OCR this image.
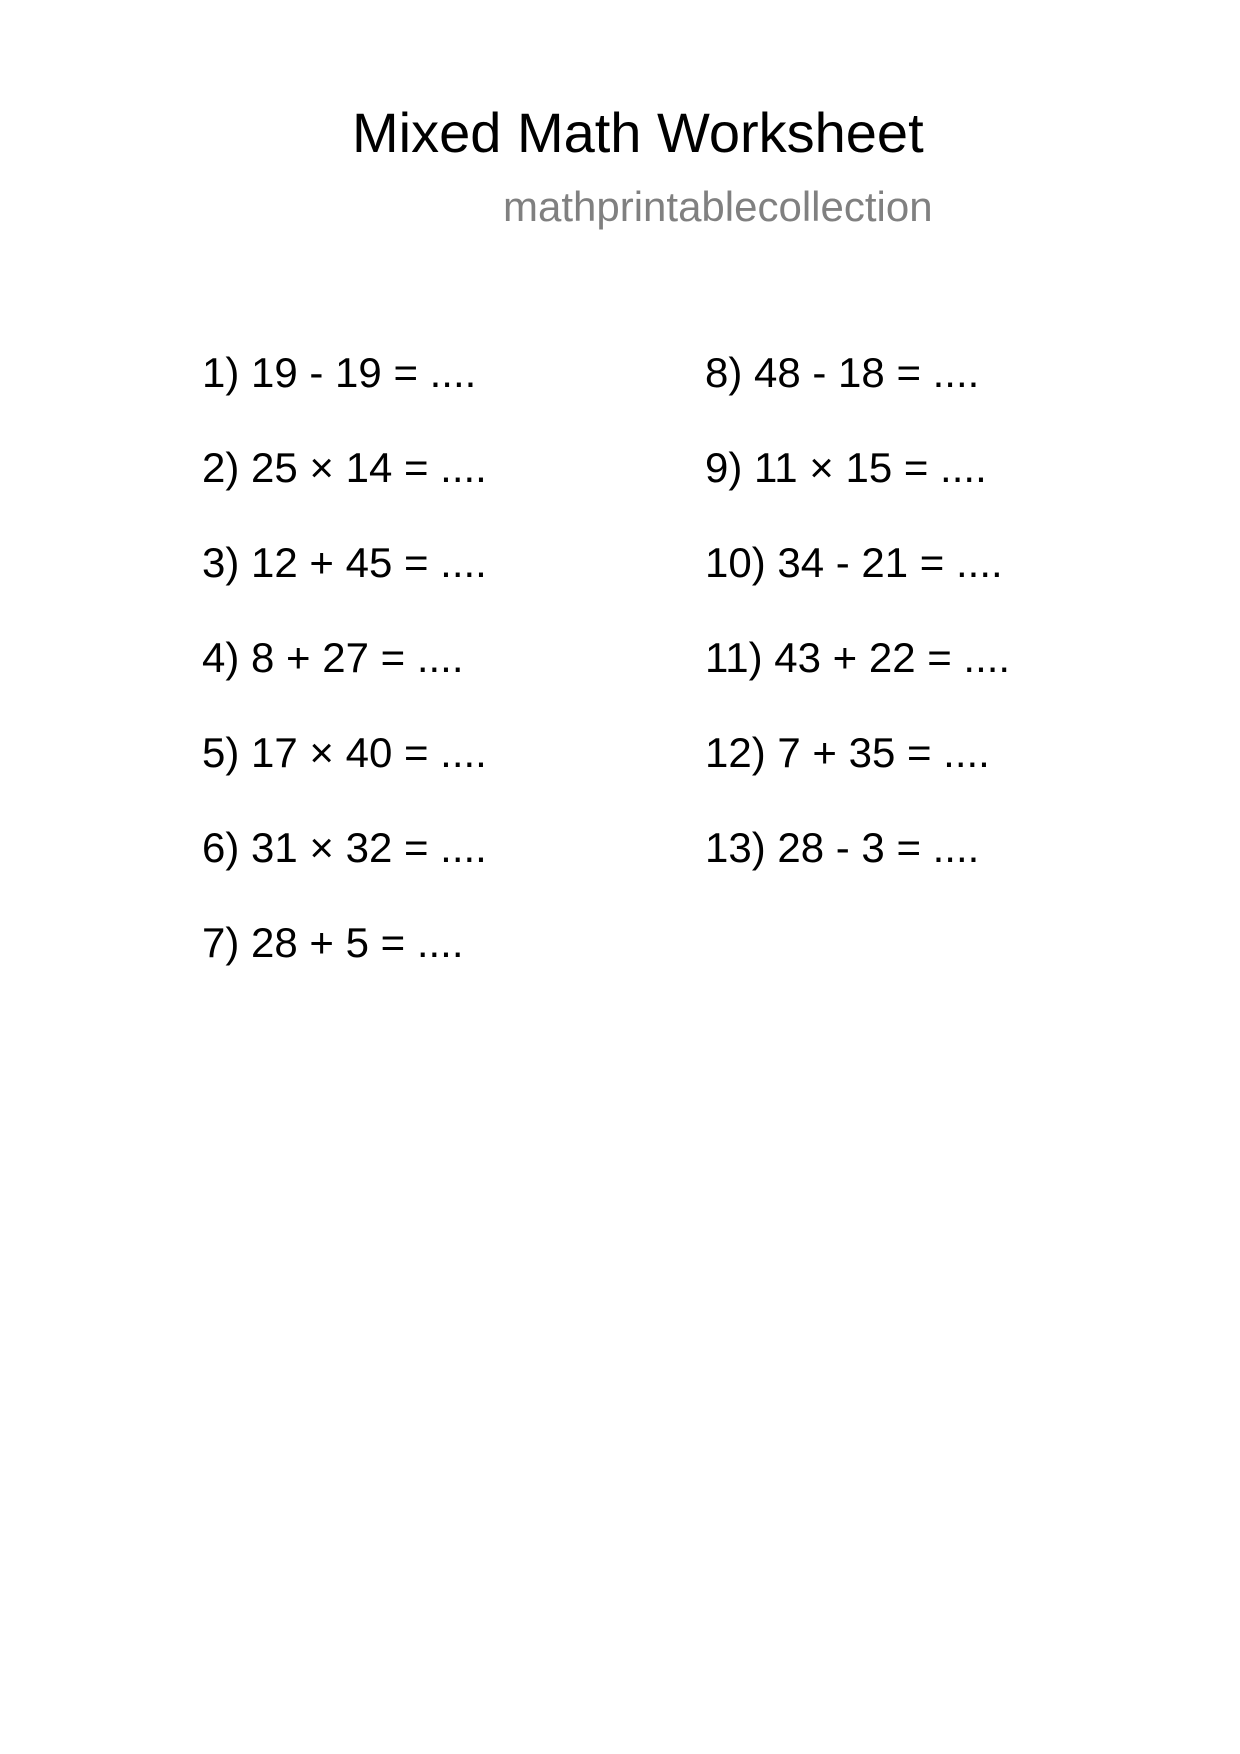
Mixed Math Worksheet
mathprintablecollection
1) 19 - 19 = ....
2) 25 × 14 = ....
3) 12 + 45 = ....
4) 8 + 27 = ....
5) 17 × 40 = ....
6) 31 × 32 = ....
7) 28 + 5 = ....
8) 48 - 18 = ....
9) 11 × 15 = ....
10) 34 - 21 = ....
11) 43 + 22 = ....
12) 7 + 35 = ....
13) 28 - 3 = ....
